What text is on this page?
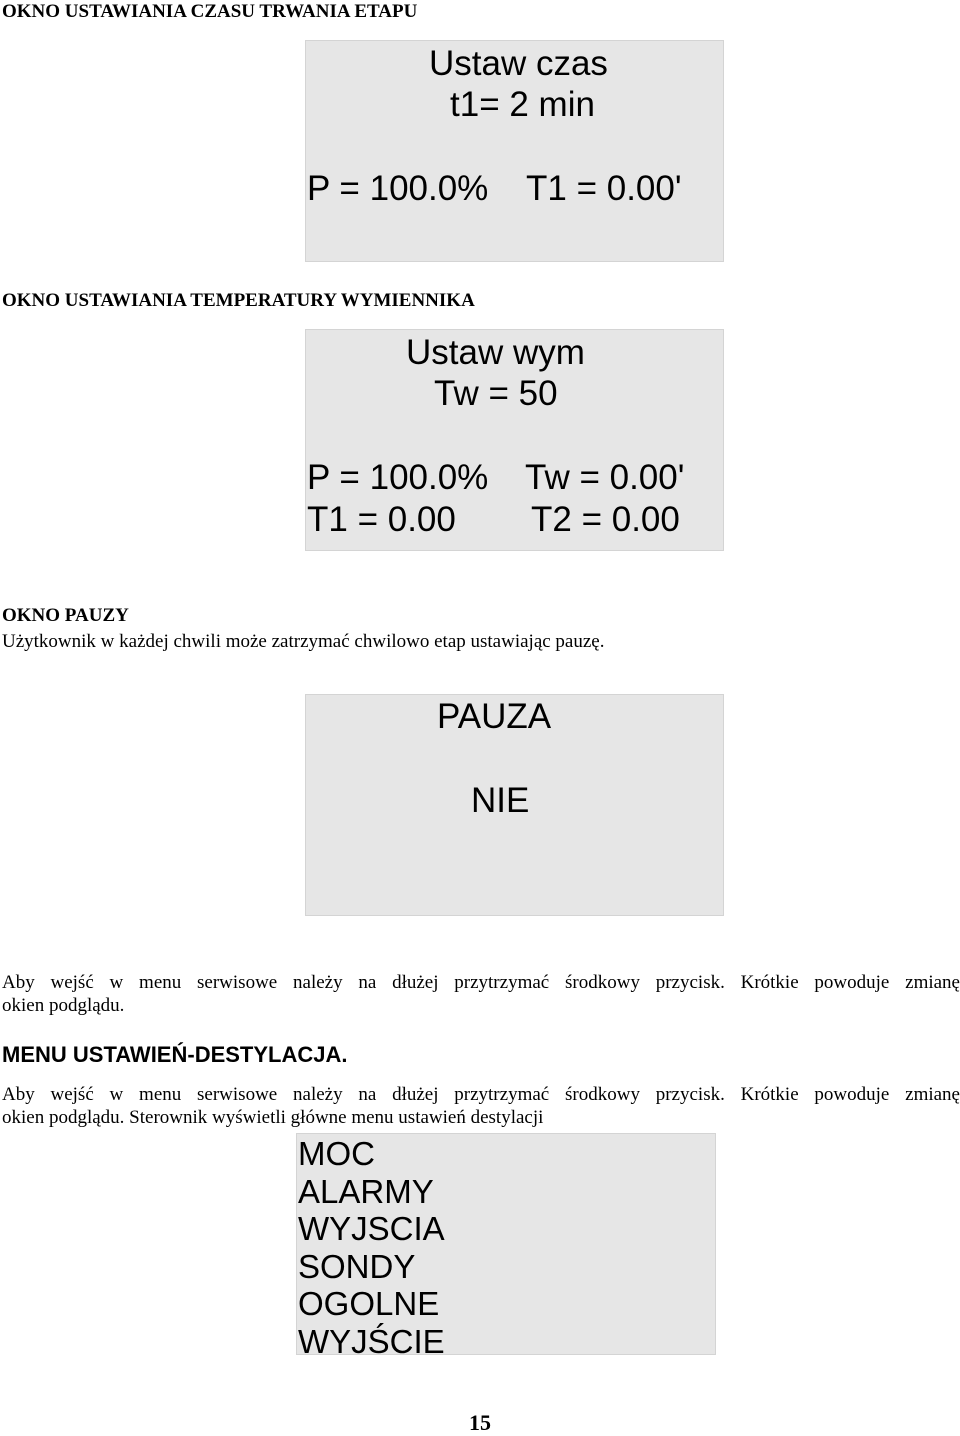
OKNO USTAWIANIA CZASU TRWANIA ETAPU
Ustaw czas
t1= 2 min
P = 100.0% T1 = 0.00'
OKNO USTAWIANIA TEMPERATURY WYMIENNIKA
Ustaw wym
Tw = 50
P = 100.0% Tw = 0.00'
T1 = 0.00 T2 = 0.00
OKNO PAUZY
Użytkownik w każdej chwili może zatrzymać chwilowo etap ustawiając pauzę.
PAUZA
NIE
Aby wejść w menu serwisowe należy na dłużej przytrzymać środkowy przycisk. Krótkie powoduje zmianę
okien podglądu.
MENU USTAWIEŃ-DESTYLACJA.
Aby wejść w menu serwisowe należy na dłużej przytrzymać środkowy przycisk. Krótkie powoduje zmianę
okien podglądu. Sterownik wyświetli główne menu ustawień destylacji
MOC
ALARMY
WYJSCIA
SONDY
OGOLNE
WYJŚCIE
15
